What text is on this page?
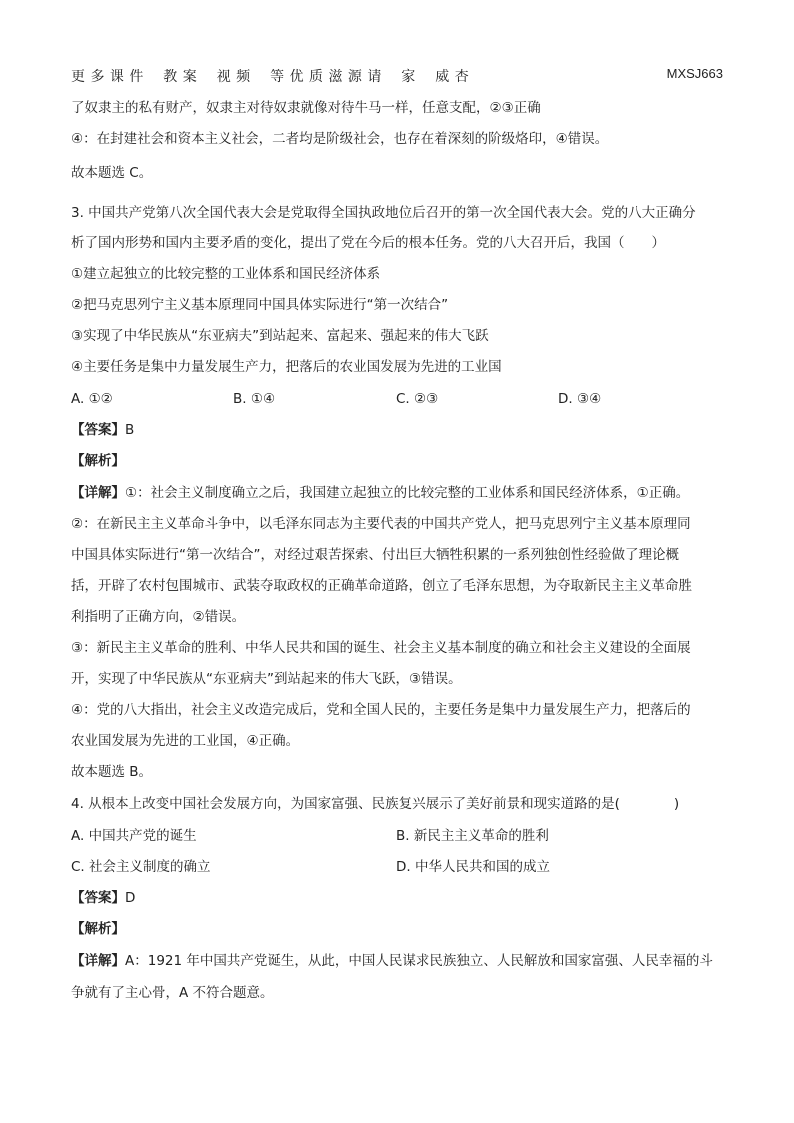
更 多 课 件　 教 案　 视 频　 等 优 质 滋 源 请　 家　 威 杏	MXSJ663
了奴隶主的私有财产，奴隶主对待奴隶就像对待牛马一样，任意支配，②③正确
④：在封建社会和资本主义社会，二者均是阶级社会，也存在着深刻的阶级烙印，④错误。
故本题选 C。
3. 中国共产党第八次全国代表大会是党取得全国执政地位后召开的第一次全国代表大会。党的八大正确分
析了国内形势和国内主要矛盾的变化，提出了党在今后的根本任务。党的八大召开后，我国（　　）
①建立起独立的比较完整的工业体系和国民经济体系
②把马克思列宁主义基本原理同中国具体实际进行“第一次结合”
③实现了中华民族从“东亚病夫”到站起来、富起来、强起来的伟大飞跃
④主要任务是集中力量发展生产力，把落后的农业国发展为先进的工业国
A. ①②	B. ①④	C. ②③	D. ③④
【答案】B
【解析】
【详解】①：社会主义制度确立之后，我国建立起独立的比较完整的工业体系和国民经济体系，①正确。
②：在新民主主义革命斗争中，以毛泽东同志为主要代表的中国共产党人，把马克思列宁主义基本原理同
中国具体实际进行“第一次结合”，对经过艰苦探索、付出巨大牺牲积累的一系列独创性经验做了理论概
括，开辟了农村包围城市、武装夺取政权的正确革命道路，创立了毛泽东思想，为夺取新民主主义革命胜
利指明了正确方向，②错误。
③：新民主主义革命的胜利、中华人民共和国的诞生、社会主义基本制度的确立和社会主义建设的全面展
开，实现了中华民族从“东亚病夫”到站起来的伟大飞跃，③错误。
④：党的八大指出，社会主义改造完成后，党和全国人民的，主要任务是集中力量发展生产力，把落后的
农业国发展为先进的工业国，④正确。
故本题选 B。
4. 从根本上改变中国社会发展方向，为国家富强、民族复兴展示了美好前景和现实道路的是(　　　　)
A. 中国共产党的诞生	B. 新民主主义革命的胜利
C. 社会主义制度的确立	D. 中华人民共和国的成立
【答案】D
【解析】
【详解】A：1921 年中国共产党诞生，从此，中国人民谋求民族独立、人民解放和国家富强、人民幸福的斗
争就有了主心骨，A 不符合题意。
